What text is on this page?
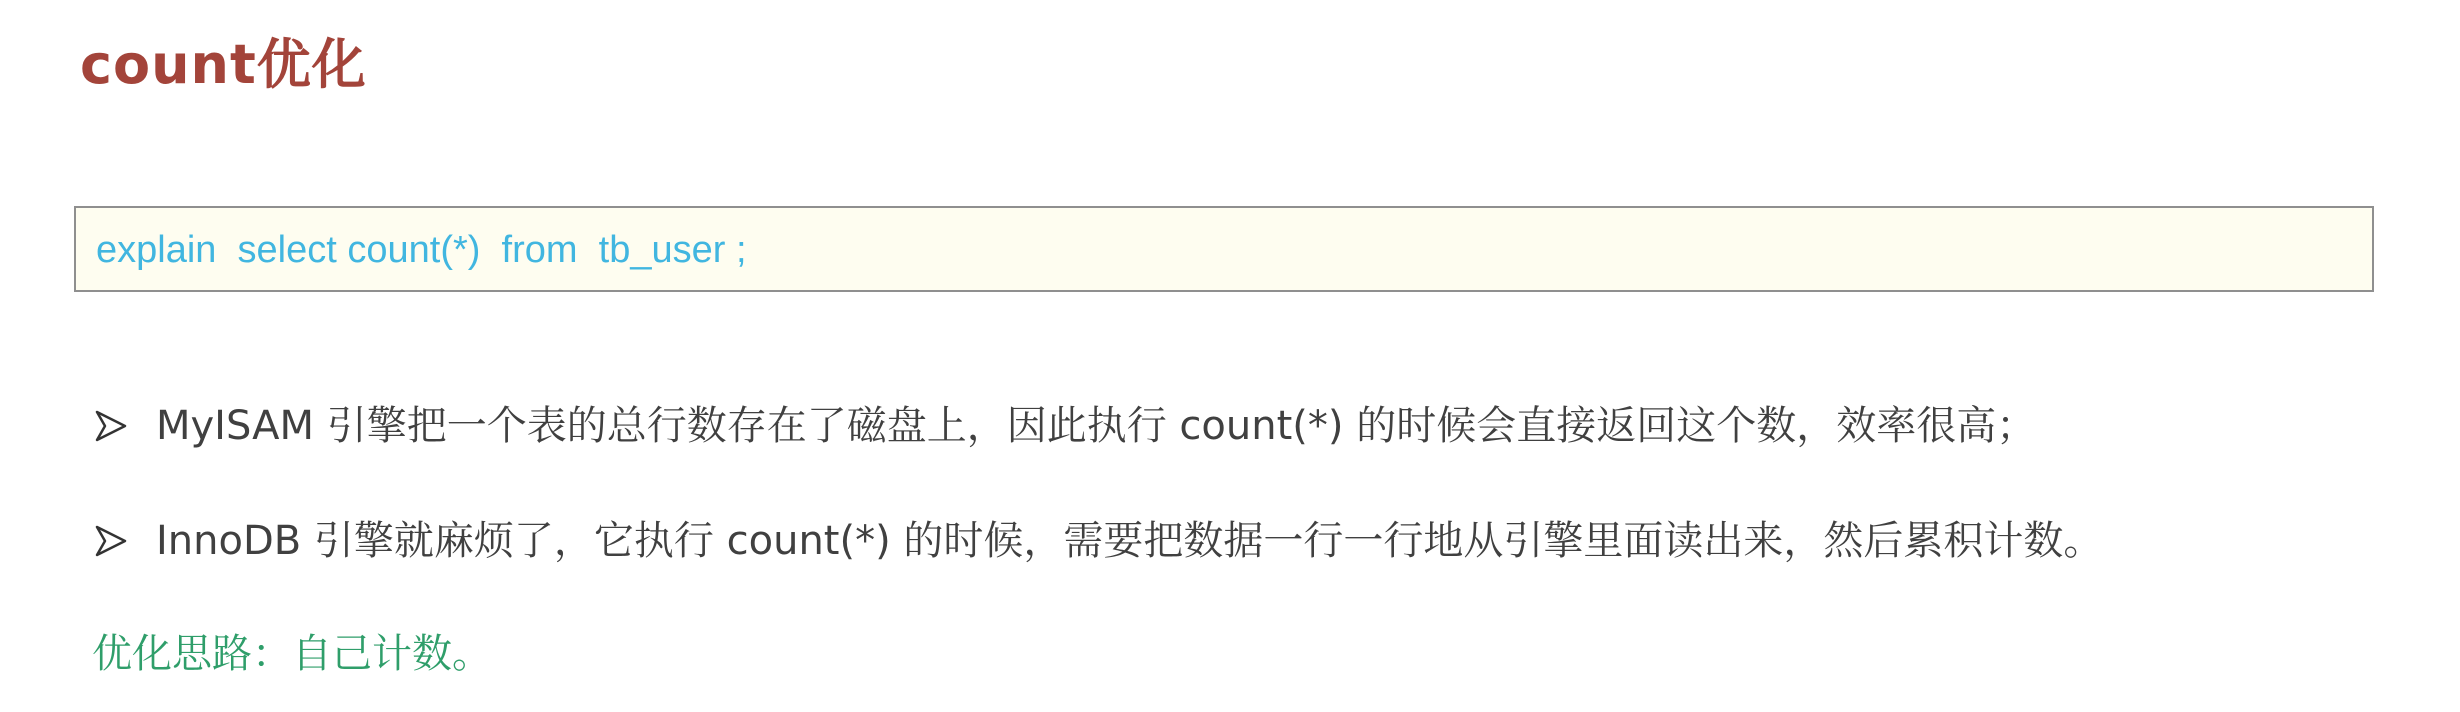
count优化
explain  select count(*)  from  tb_user ;
MyISAM 引擎把一个表的总行数存在了磁盘上，因此执行 count(*) 的时候会直接返回这个数，效率很高；
InnoDB 引擎就麻烦了，它执行 count(*) 的时候，需要把数据一行一行地从引擎里面读出来，然后累积计数。
优化思路：自己计数。
